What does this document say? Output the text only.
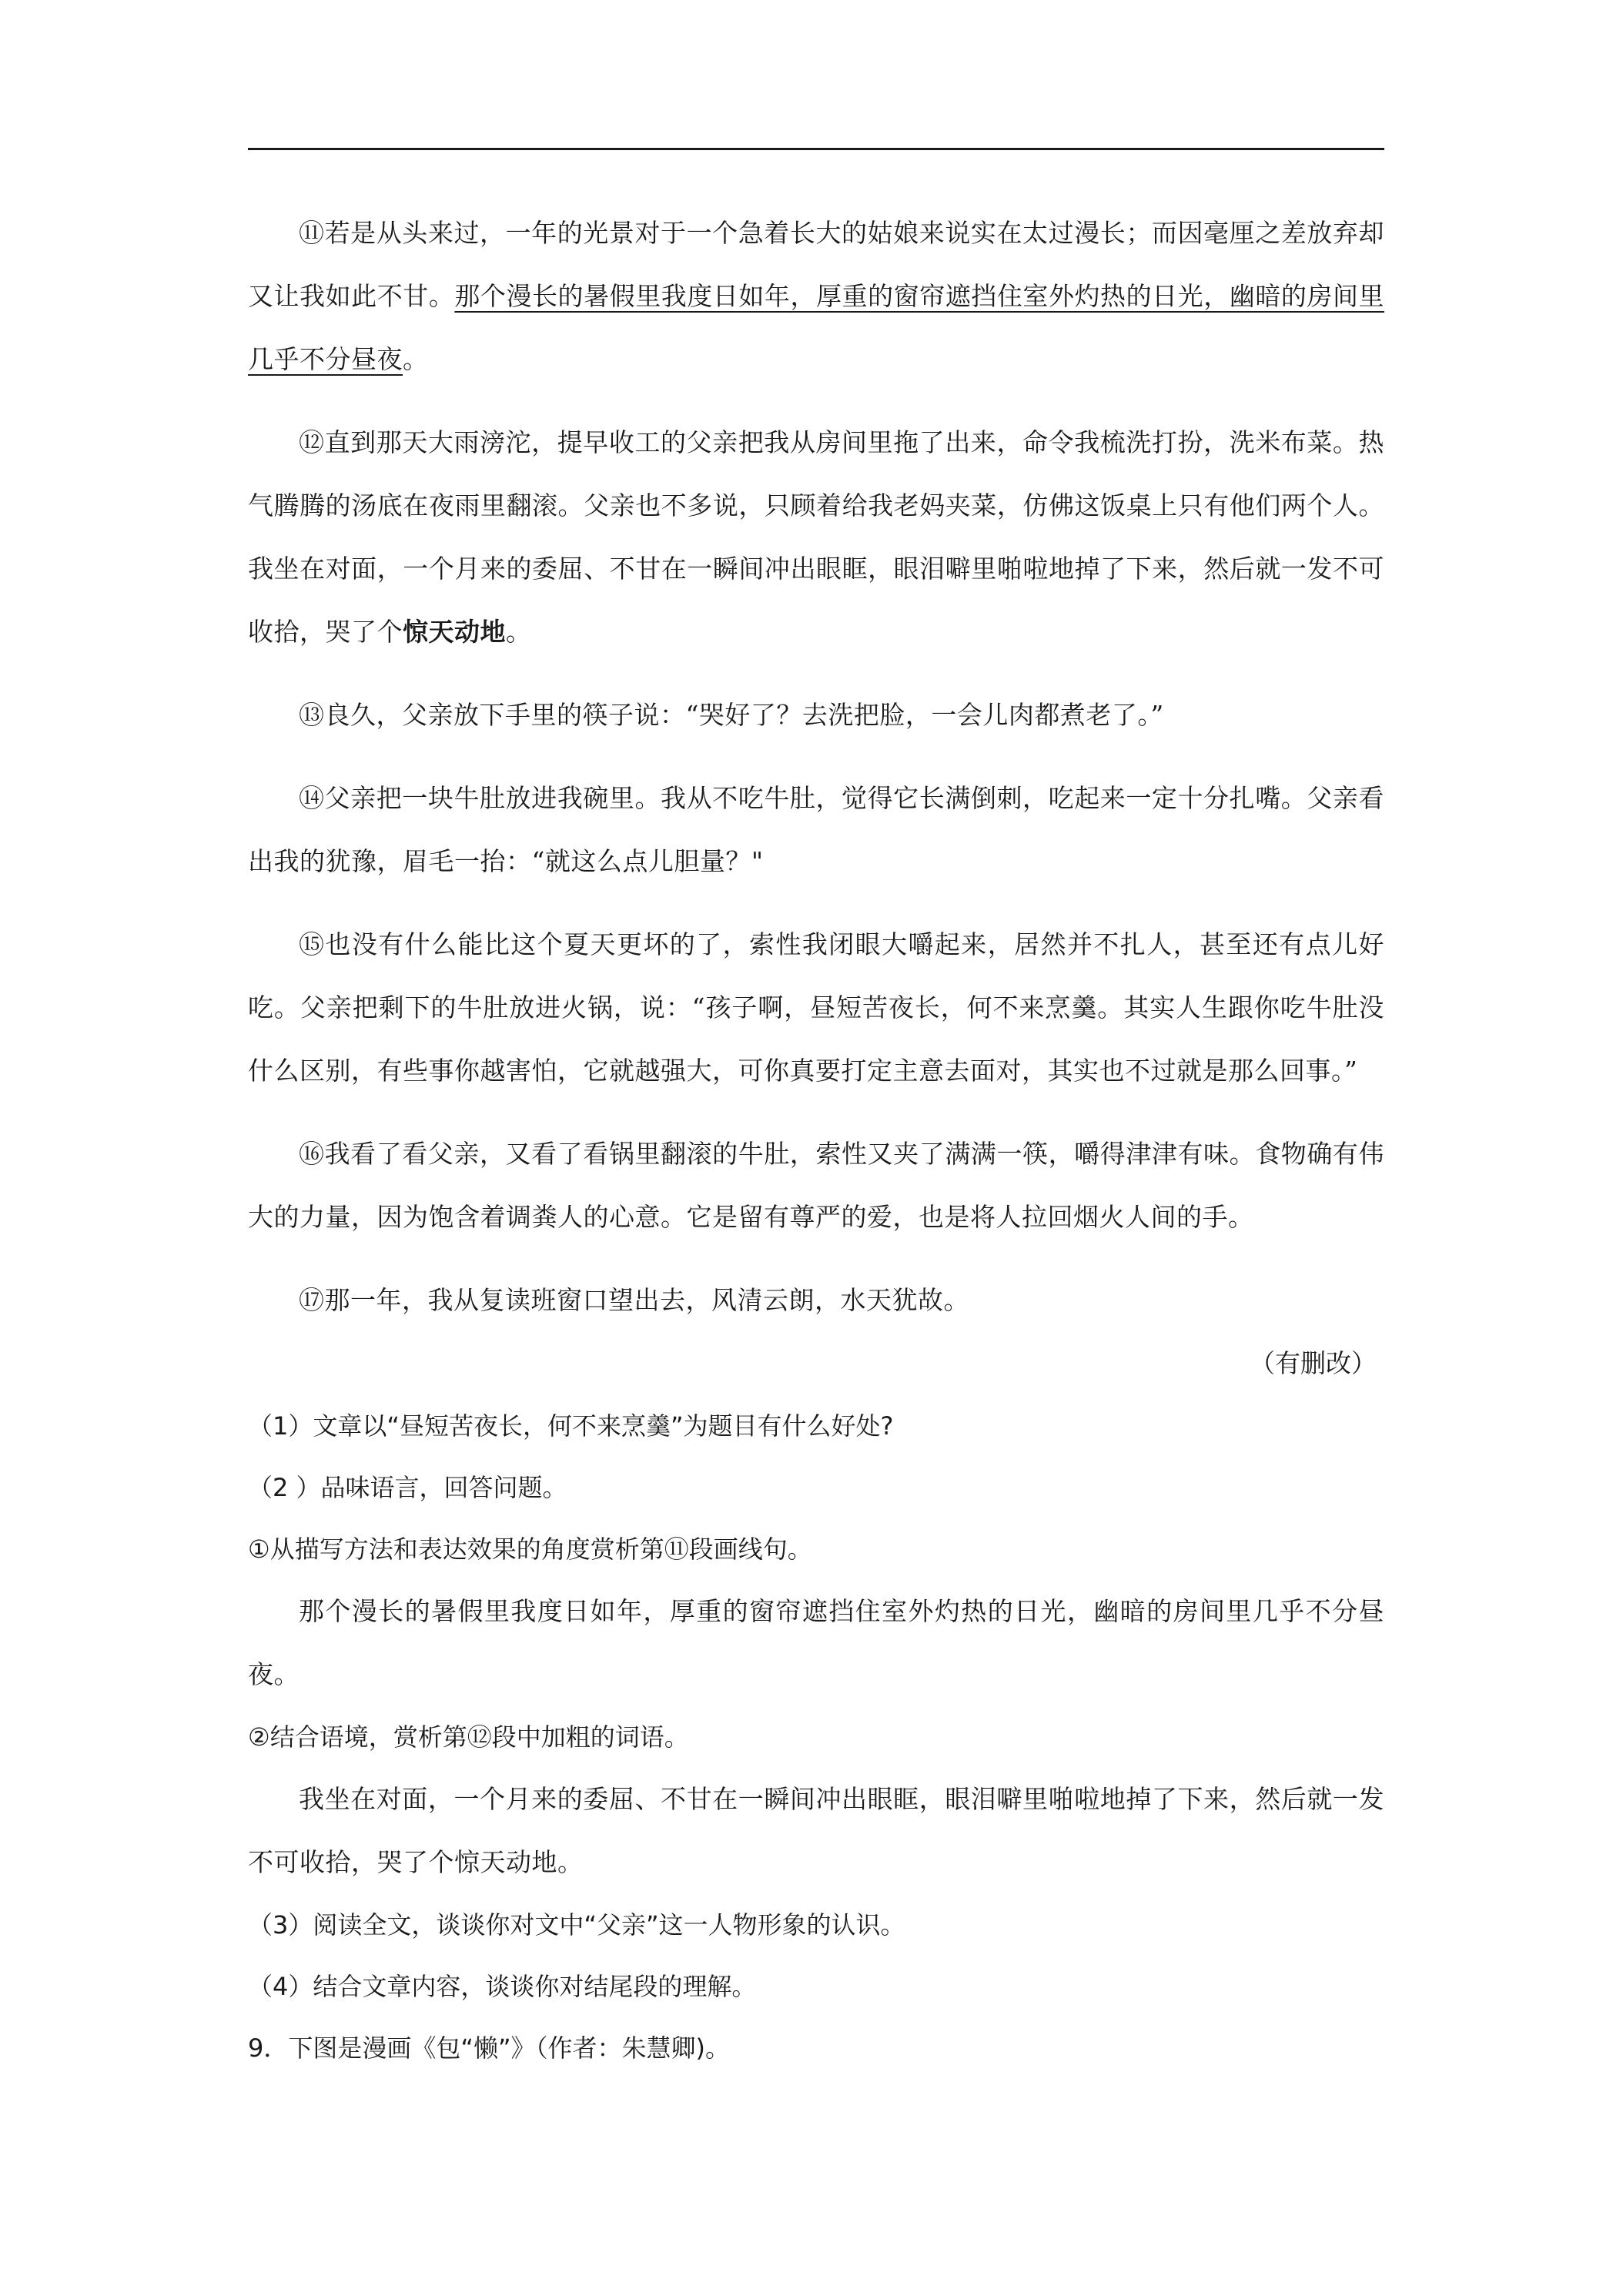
⑪若是从头来过，一年的光景对于一个急着长大的姑娘来说实在太过漫长；而因毫厘之差放弃却又让我如此不甘。那个漫长的暑假里我度日如年，厚重的窗帘遮挡住室外灼热的日光，幽暗的房间里几乎不分昼夜。

⑫直到那天大雨滂沱，提早收工的父亲把我从房间里拖了出来，命令我梳洗打扮，洗米布菜。热气腾腾的汤底在夜雨里翻滚。父亲也不多说，只顾着给我老妈夹菜，仿佛这饭桌上只有他们两个人。我坐在对面，一个月来的委屈、不甘在一瞬间冲出眼眶，眼泪噼里啪啦地掉了下来，然后就一发不可收拾，哭了个惊天动地。

⑬良久，父亲放下手里的筷子说：“哭好了？去洗把脸，一会儿肉都煮老了。”

⑭父亲把一块牛肚放进我碗里。我从不吃牛肚，觉得它长满倒刺，吃起来一定十分扎嘴。父亲看出我的犹豫，眉毛一抬：“就这么点儿胆量？"

⑮也没有什么能比这个夏天更坏的了，索性我闭眼大嚼起来，居然并不扎人，甚至还有点儿好吃。父亲把剩下的牛肚放进火锅，说：“孩子啊，昼短苦夜长，何不来烹羹。其实人生跟你吃牛肚没什么区别，有些事你越害怕，它就越强大，可你真要打定主意去面对，其实也不过就是那么回事。”

⑯我看了看父亲，又看了看锅里翻滚的牛肚，索性又夹了满满一筷，嚼得津津有味。食物确有伟大的力量，因为饱含着调粪人的心意。它是留有尊严的爱，也是将人拉回烟火人间的手。

⑰那一年，我从复读班窗口望出去，风清云朗，水天犹故。

（有删改）

（1）文章以“昼短苦夜长，何不来烹羹”为题目有什么好处?

（2 ）品味语言，回答问题。

①从描写方法和表达效果的角度赏析第⑪段画线句。

那个漫长的暑假里我度日如年，厚重的窗帘遮挡住室外灼热的日光，幽暗的房间里几乎不分昼夜。

②结合语境，赏析第⑫段中加粗的词语。

我坐在对面，一个月来的委屈、不甘在一瞬间冲出眼眶，眼泪噼里啪啦地掉了下来，然后就一发不可收拾，哭了个惊天动地。

（3）阅读全文，谈谈你对文中“父亲”这一人物形象的认识。

（4）结合文章内容，谈谈你对结尾段的理解。

9．下图是漫画《包“懒”》（作者：朱慧卿)。
